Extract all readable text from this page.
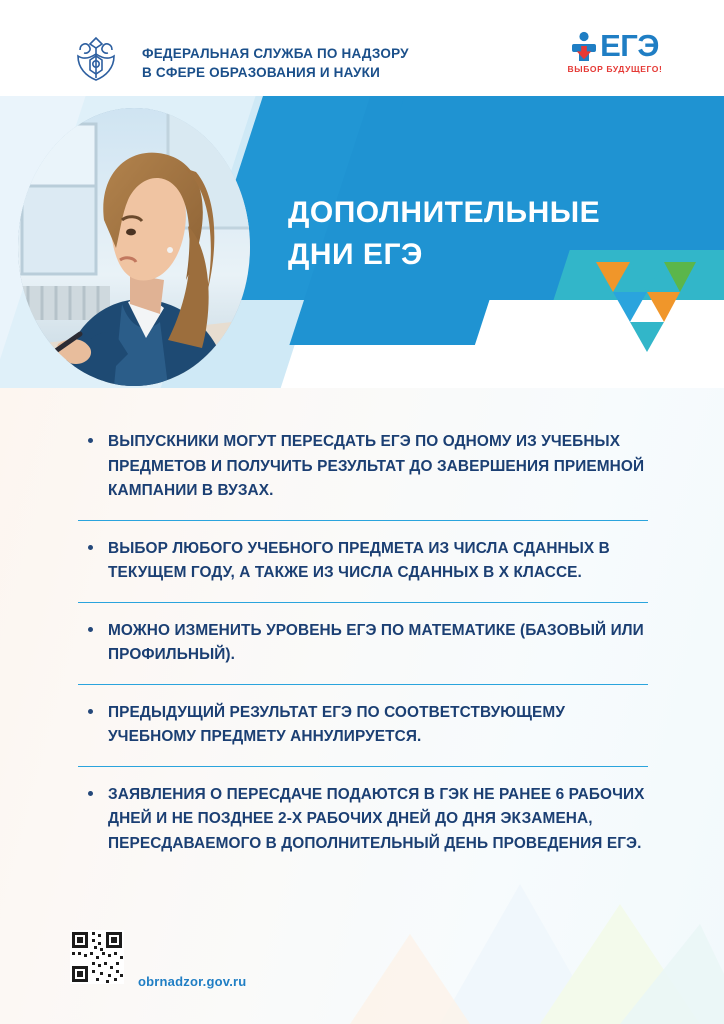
ФЕДЕРАЛЬНАЯ СЛУЖБА ПО НАДЗОРУ
В СФЕРЕ ОБРАЗОВАНИЯ И НАУКИ
ЕГЭ
ВЫБОР БУДУЩЕГО!
ДОПОЛНИТЕЛЬНЫЕ
ДНИ ЕГЭ
ВЫПУСКНИКИ МОГУТ ПЕРЕСДАТЬ ЕГЭ ПО ОДНОМУ ИЗ УЧЕБНЫХ ПРЕДМЕТОВ И ПОЛУЧИТЬ РЕЗУЛЬТАТ ДО ЗАВЕРШЕНИЯ ПРИЕМНОЙ КАМПАНИИ В ВУЗАХ.
ВЫБОР ЛЮБОГО УЧЕБНОГО ПРЕДМЕТА ИЗ ЧИСЛА СДАННЫХ В ТЕКУЩЕМ ГОДУ, А ТАКЖЕ ИЗ ЧИСЛА СДАННЫХ В X КЛАССЕ.
МОЖНО ИЗМЕНИТЬ УРОВЕНЬ ЕГЭ ПО МАТЕМАТИКЕ (БАЗОВЫЙ ИЛИ ПРОФИЛЬНЫЙ).
ПРЕДЫДУЩИЙ РЕЗУЛЬТАТ ЕГЭ ПО СООТВЕТСТВУЮЩЕМУ УЧЕБНОМУ ПРЕДМЕТУ АННУЛИРУЕТСЯ.
ЗАЯВЛЕНИЯ О ПЕРЕСДАЧЕ ПОДАЮТСЯ В ГЭК НЕ РАНЕЕ 6 РАБОЧИХ ДНЕЙ И НЕ ПОЗДНЕЕ 2-Х РАБОЧИХ ДНЕЙ ДО ДНЯ ЭКЗАМЕНА, ПЕРЕСДАВАЕМОГО В ДОПОЛНИТЕЛЬНЫЙ ДЕНЬ ПРОВЕДЕНИЯ ЕГЭ.
obrnadzor.gov.ru
